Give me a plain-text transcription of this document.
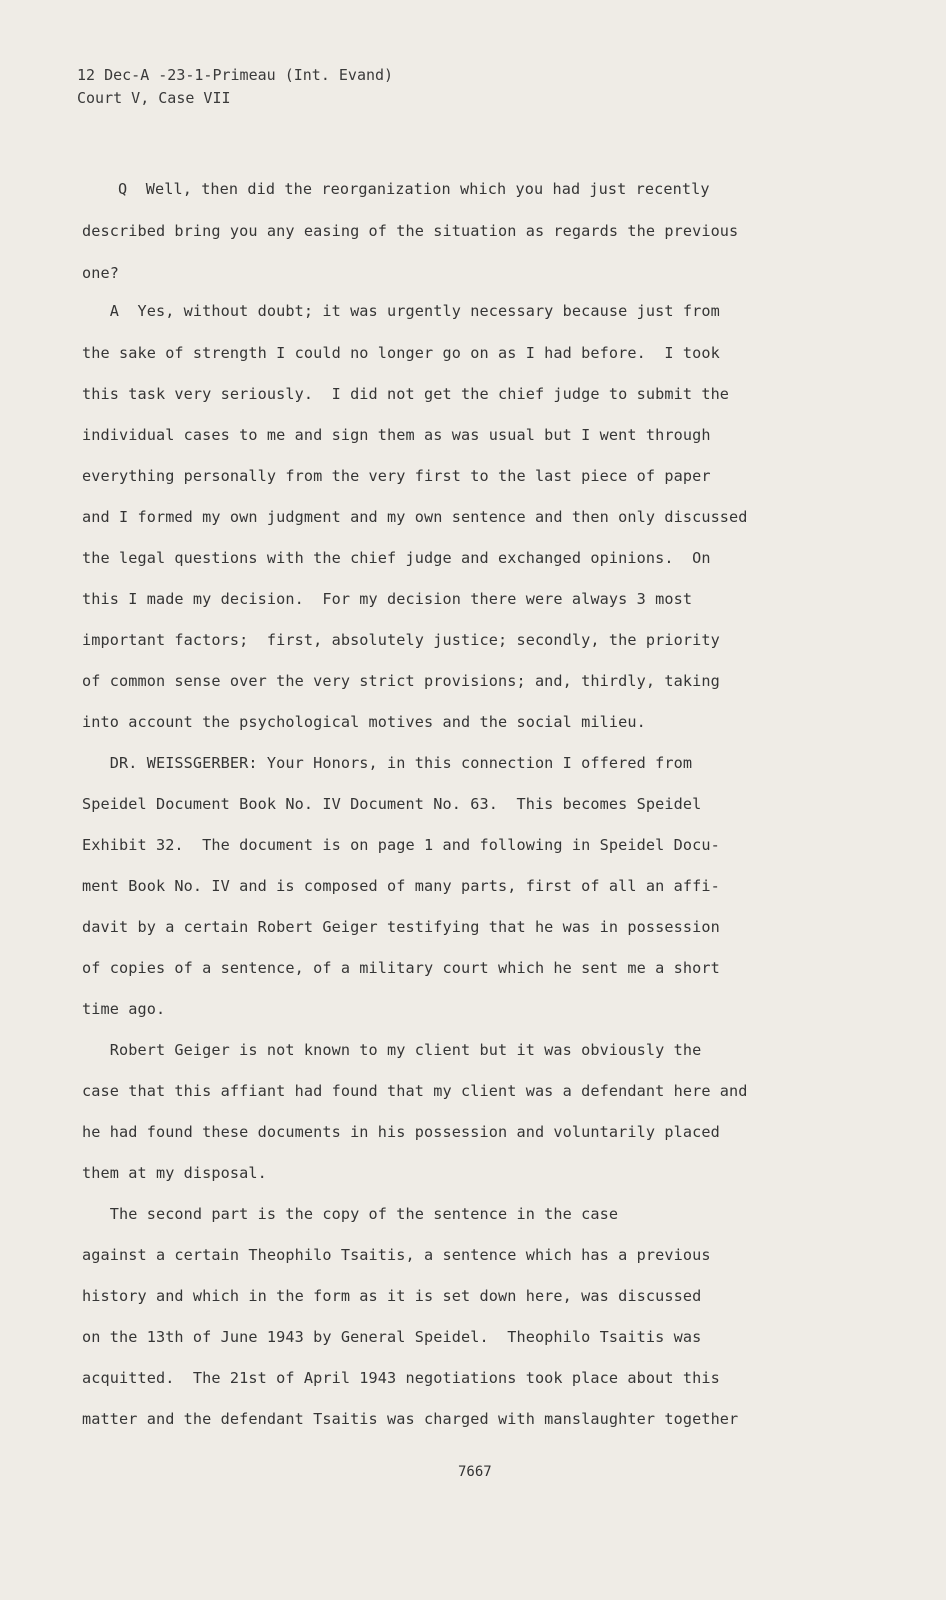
12 Dec-A -23-1-Primeau (Int. Evand)
Court V, Case VII
Q  Well, then did the reorganization which you had just recently
described bring you any easing of the situation as regards the previous
one?
A  Yes, without doubt; it was urgently necessary because just from
the sake of strength I could no longer go on as I had before.  I took
this task very seriously.  I did not get the chief judge to submit the
individual cases to me and sign them as was usual but I went through
everything personally from the very first to the last piece of paper
and I formed my own judgment and my own sentence and then only discussed
the legal questions with the chief judge and exchanged opinions.  On
this I made my decision.  For my decision there were always 3 most
important factors;  first, absolutely justice; secondly, the priority
of common sense over the very strict provisions; and, thirdly, taking
into account the psychological motives and the social milieu.
DR. WEISSGERBER: Your Honors, in this connection I offered from
Speidel Document Book No. IV Document No. 63.  This becomes Speidel
Exhibit 32.  The document is on page 1 and following in Speidel Docu-
ment Book No. IV and is composed of many parts, first of all an affi-
davit by a certain Robert Geiger testifying that he was in possession
of copies of a sentence, of a military court which he sent me a short
time ago.
Robert Geiger is not known to my client but it was obviously the
case that this affiant had found that my client was a defendant here and
he had found these documents in his possession and voluntarily placed
them at my disposal.
The second part is the copy of the sentence in the case
against a certain Theophilo Tsaitis, a sentence which has a previous
history and which in the form as it is set down here, was discussed
on the 13th of June 1943 by General Speidel.  Theophilo Tsaitis was
acquitted.  The 21st of April 1943 negotiations took place about this
matter and the defendant Tsaitis was charged with manslaughter together
7667
